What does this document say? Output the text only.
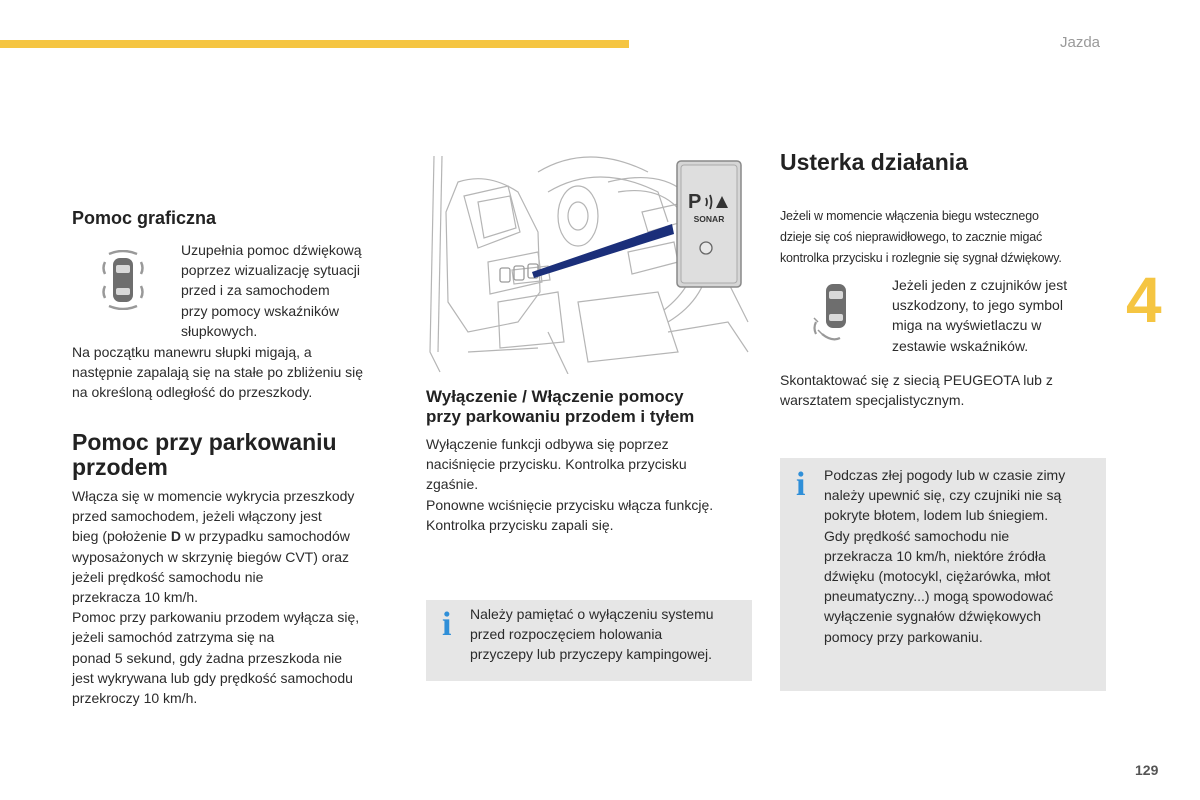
Jazda
4
129
Pomoc graficzna
Uzupełnia pomoc dźwiękową
poprzez wizualizację sytuacji
przed i za samochodem
przy pomocy wskaźników
słupkowych.
Na początku manewru słupki migają, a
następnie zapalają się na stałe po zbliżeniu się
na określoną odległość do przeszkody.
Pomoc przy parkowaniu
przodem
Włącza się w momencie wykrycia przeszkody
przed samochodem, jeżeli włączony jest
bieg (położenie D w przypadku samochodów
wyposażonych w skrzynię biegów CVT) oraz
jeżeli prędkość samochodu nie
przekracza 10 km/h.
Pomoc przy parkowaniu przodem wyłącza się,
jeżeli samochód zatrzyma się na
ponad 5 sekund, gdy żadna przeszkoda nie
jest wykrywana lub gdy prędkość samochodu
przekroczy 10 km/h.
P
SONAR
Wyłączenie / Włączenie pomocy
przy parkowaniu przodem i tyłem
Wyłączenie funkcji odbywa się poprzez
naciśnięcie przycisku. Kontrolka przycisku
zgaśnie.
Ponowne wciśnięcie przycisku włącza funkcję.
Kontrolka przycisku zapali się.
i Należy pamiętać o wyłączeniu systemu
przed rozpoczęciem holowania
przyczepy lub przyczepy kampingowej.
Usterka działania
Jeżeli w momencie włączenia biegu wstecznego
dzieje się coś nieprawidłowego, to zacznie migać
kontrolka przycisku i rozlegnie się sygnał dźwiękowy.
Jeżeli jeden z czujników jest
uszkodzony, to jego symbol
miga na wyświetlaczu w
zestawie wskaźników.
Skontaktować się z siecią PEUGEOTA lub z
warsztatem specjalistycznym.
i Podczas złej pogody lub w czasie zimy
należy upewnić się, czy czujniki nie są
pokryte błotem, lodem lub śniegiem.
Gdy prędkość samochodu nie
przekracza 10 km/h, niektóre źródła
dźwięku (motocykl, ciężarówka, młot
pneumatyczny...) mogą spowodować
wyłączenie sygnałów dźwiękowych
pomocy przy parkowaniu.
